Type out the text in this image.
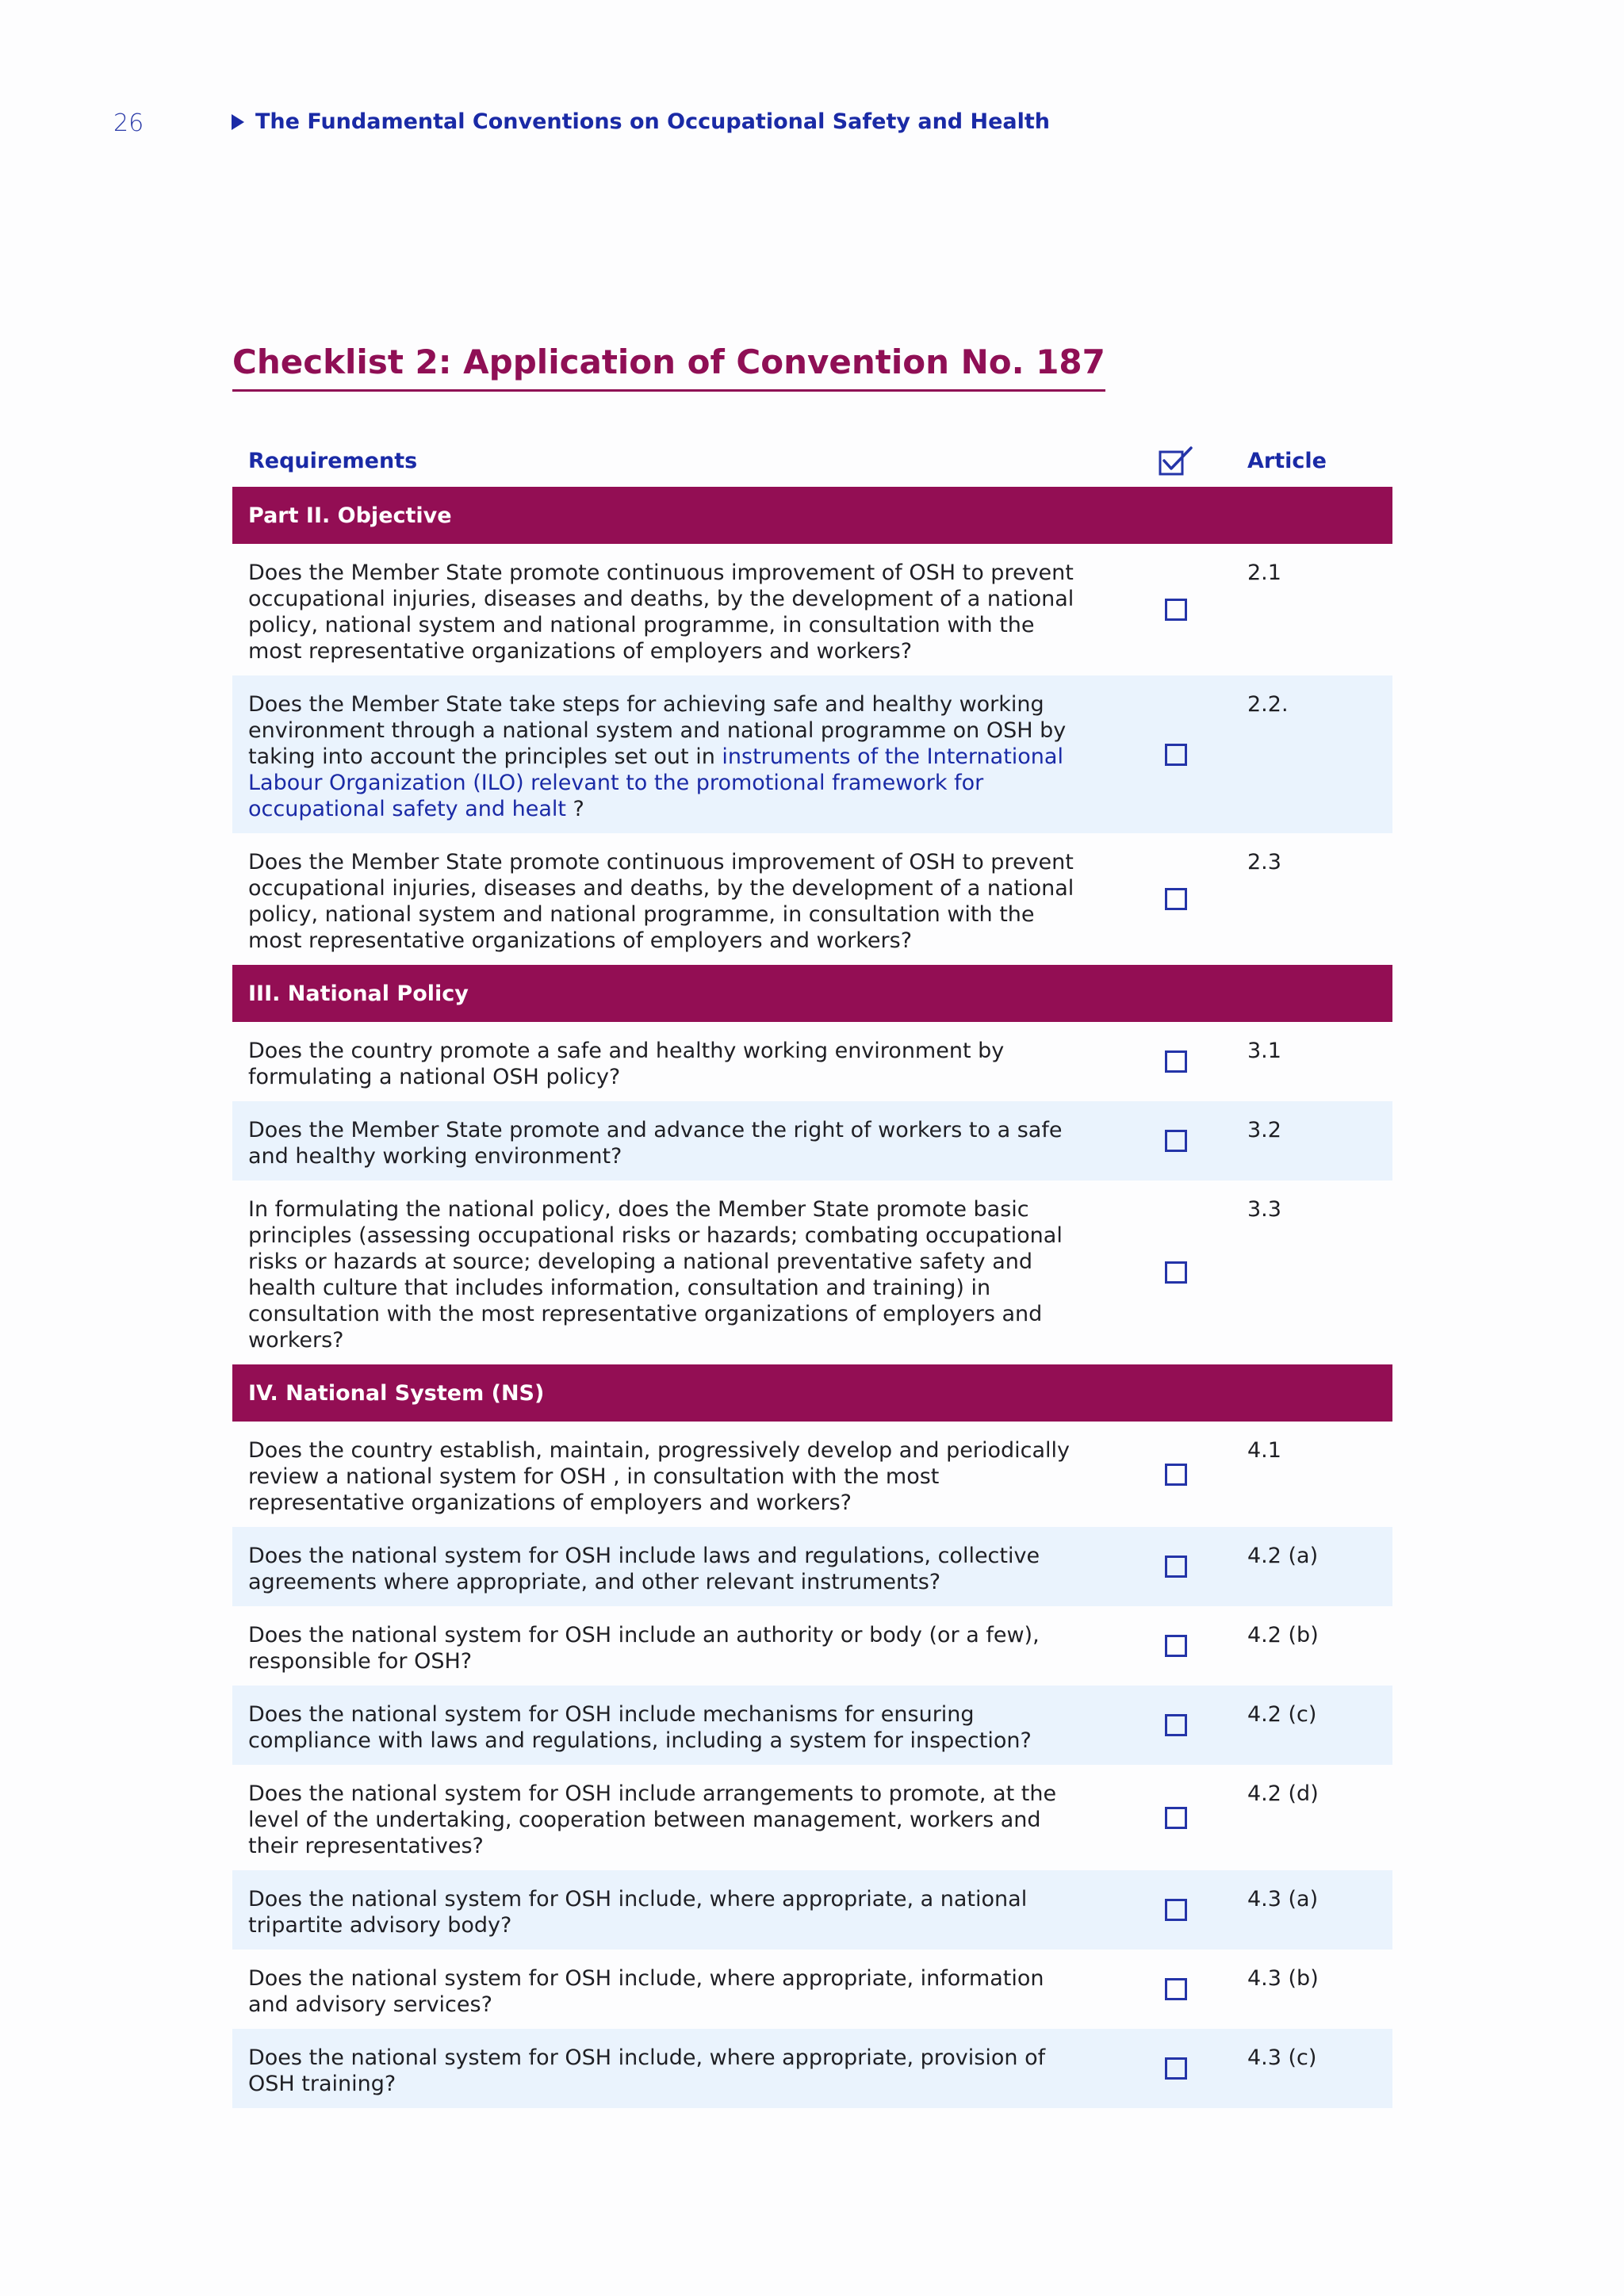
26	The Fundamental Conventions on Occupational Safety and Health
Checklist 2: Application of Convention No. 187
Requirements	Article
Part II. Objective
Does the Member State promote continuous improvement of OSH to prevent occupational injuries, diseases and deaths, by the development of a national policy, national system and national programme, in consultation with the most representative organizations of employers and workers?
2.1
Does the Member State take steps for achieving safe and healthy working environment through a national system and national programme on OSH by taking into account the principles set out in instruments of the International Labour Organization (ILO) relevant to the promotional framework for occupational safety and healt ?
2.2.
Does the Member State promote continuous improvement of OSH to prevent occupational injuries, diseases and deaths, by the development of a national policy, national system and national programme, in consultation with the most representative organizations of employers and workers?
2.3
III. National Policy
Does the country promote a safe and healthy working environment by formulating a national OSH policy?
3.1
Does the Member State promote and advance the right of workers to a safe and healthy working environment?
3.2
In formulating the national policy, does the Member State promote basic principles (assessing occupational risks or hazards; combating occupational risks or hazards at source; developing a national preventative safety and health culture that includes information, consultation and training) in consultation with the most representative organizations of employers and workers?
3.3
IV. National System (NS)
Does the country establish, maintain, progressively develop and periodically review a national system for OSH , in consultation with the most representative organizations of employers and workers?
4.1
Does the national system for OSH include laws and regulations, collective agreements where appropriate, and other relevant instruments?
4.2 (a)
Does the national system for OSH include an authority or body (or a few), responsible for OSH?
4.2 (b)
Does the national system for OSH include mechanisms for ensuring compliance with laws and regulations, including a system for inspection?
4.2 (c)
Does the national system for OSH include arrangements to promote, at the level of the undertaking, cooperation between management, workers and their representatives?
4.2 (d)
Does the national system for OSH include, where appropriate, a national tripartite advisory body?
4.3 (a)
Does the national system for OSH include, where appropriate, information and advisory services?
4.3 (b)
Does the national system for OSH include, where appropriate, provision of OSH training?
4.3 (c)
